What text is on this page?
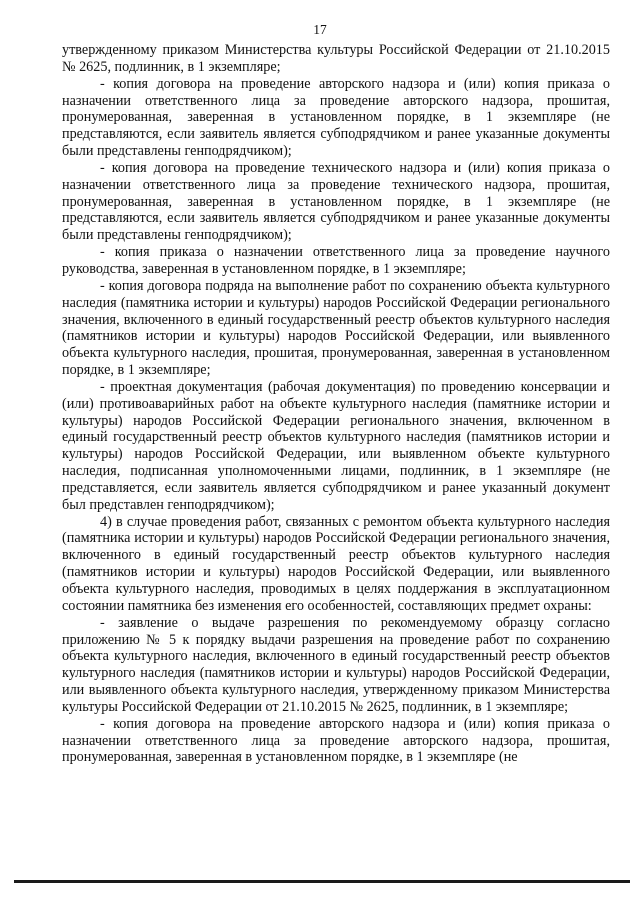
17

утвержденному приказом Министерства культуры Российской Федерации от 21.10.2015 № 2625, подлинник, в 1 экземпляре;

- копия договора на проведение авторского надзора и (или) копия приказа о назначении ответственного лица за проведение авторского надзора, прошитая, пронумерованная, заверенная в установленном порядке, в 1 экземпляре (не представляются, если заявитель является субподрядчиком и ранее указанные документы были представлены генподрядчиком);

- копия договора на проведение технического надзора и (или) копия приказа о назначении ответственного лица за проведение технического надзора, прошитая, пронумерованная, заверенная в установленном порядке, в 1 экземпляре (не представляются, если заявитель является субподрядчиком и ранее указанные документы были представлены генподрядчиком);

- копия приказа о назначении ответственного лица за проведение научного руководства, заверенная в установленном порядке, в 1 экземпляре;

- копия договора подряда на выполнение работ по сохранению объекта культурного наследия (памятника истории и культуры) народов Российской Федерации регионального значения, включенного в единый государственный реестр объектов культурного наследия (памятников истории и культуры) народов Российской Федерации, или выявленного объекта культурного наследия, прошитая, пронумерованная, заверенная в установленном порядке, в 1 экземпляре;

- проектная документация (рабочая документация) по проведению консервации и (или) противоаварийных работ на объекте культурного наследия (памятнике истории и культуры) народов Российской Федерации регионального значения, включенном в единый государственный реестр объектов культурного наследия (памятников истории и культуры) народов Российской Федерации, или выявленном объекте культурного наследия, подписанная уполномоченными лицами, подлинник, в 1 экземпляре (не представляется, если заявитель является субподрядчиком и ранее указанный документ был представлен генподрядчиком);

4) в случае проведения работ, связанных с ремонтом объекта культурного наследия (памятника истории и культуры) народов Российской Федерации регионального значения, включенного в единый государственный реестр объектов культурного наследия (памятников истории и культуры) народов Российской Федерации, или выявленного объекта культурного наследия, проводимых в целях поддержания в эксплуатационном состоянии памятника без изменения его особенностей, составляющих предмет охраны:

- заявление о выдаче разрешения по рекомендуемому образцу согласно приложению № 5 к порядку выдачи разрешения на проведение работ по сохранению объекта культурного наследия, включенного в единый государственный реестр объектов культурного наследия (памятников истории и культуры) народов Российской Федерации, или выявленного объекта культурного наследия, утвержденному приказом Министерства культуры Российской Федерации от 21.10.2015 № 2625, подлинник, в 1 экземпляре;

- копия договора на проведение авторского надзора и (или) копия приказа о назначении ответственного лица за проведение авторского надзора, прошитая, пронумерованная, заверенная в установленном порядке, в 1 экземпляре (не
